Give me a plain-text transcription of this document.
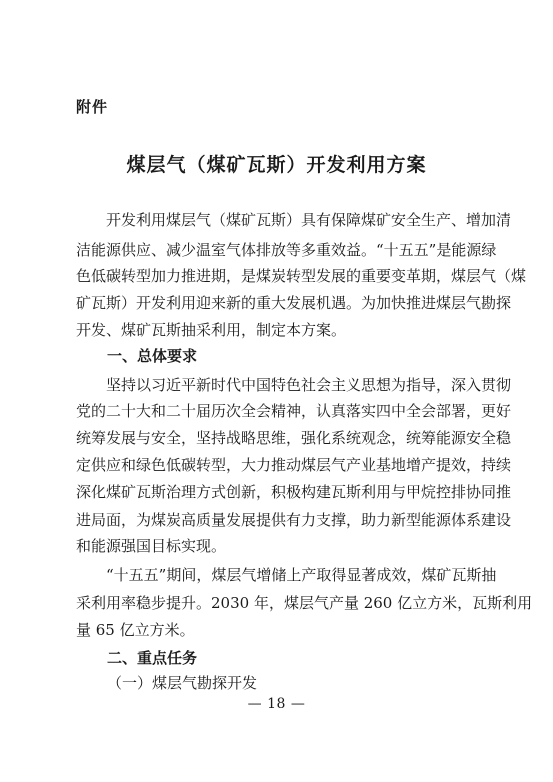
附件
煤层气（煤矿瓦斯）开发利用方案
　　开发利用煤层气（煤矿瓦斯）具有保障煤矿安全生产、增加清
洁能源供应、减少温室气体排放等多重效益。“十五五”是能源绿
色低碳转型加力推进期，是煤炭转型发展的重要变革期，煤层气（煤
矿瓦斯）开发利用迎来新的重大发展机遇。为加快推进煤层气勘探
开发、煤矿瓦斯抽采利用，制定本方案。
一、总体要求
　　坚持以习近平新时代中国特色社会主义思想为指导，深入贯彻
党的二十大和二十届历次全会精神，认真落实四中全会部署，更好
统筹发展与安全，坚持战略思维，强化系统观念，统筹能源安全稳
定供应和绿色低碳转型，大力推动煤层气产业基地增产提效，持续
深化煤矿瓦斯治理方式创新，积极构建瓦斯利用与甲烷控排协同推
进局面，为煤炭高质量发展提供有力支撑，助力新型能源体系建设
和能源强国目标实现。
　　“十五五”期间，煤层气增储上产取得显著成效，煤矿瓦斯抽
采利用率稳步提升。2030 年，煤层气产量 260 亿立方米，瓦斯利用
量 65 亿立方米。
二、重点任务
（一）煤层气勘探开发
— 18 —
